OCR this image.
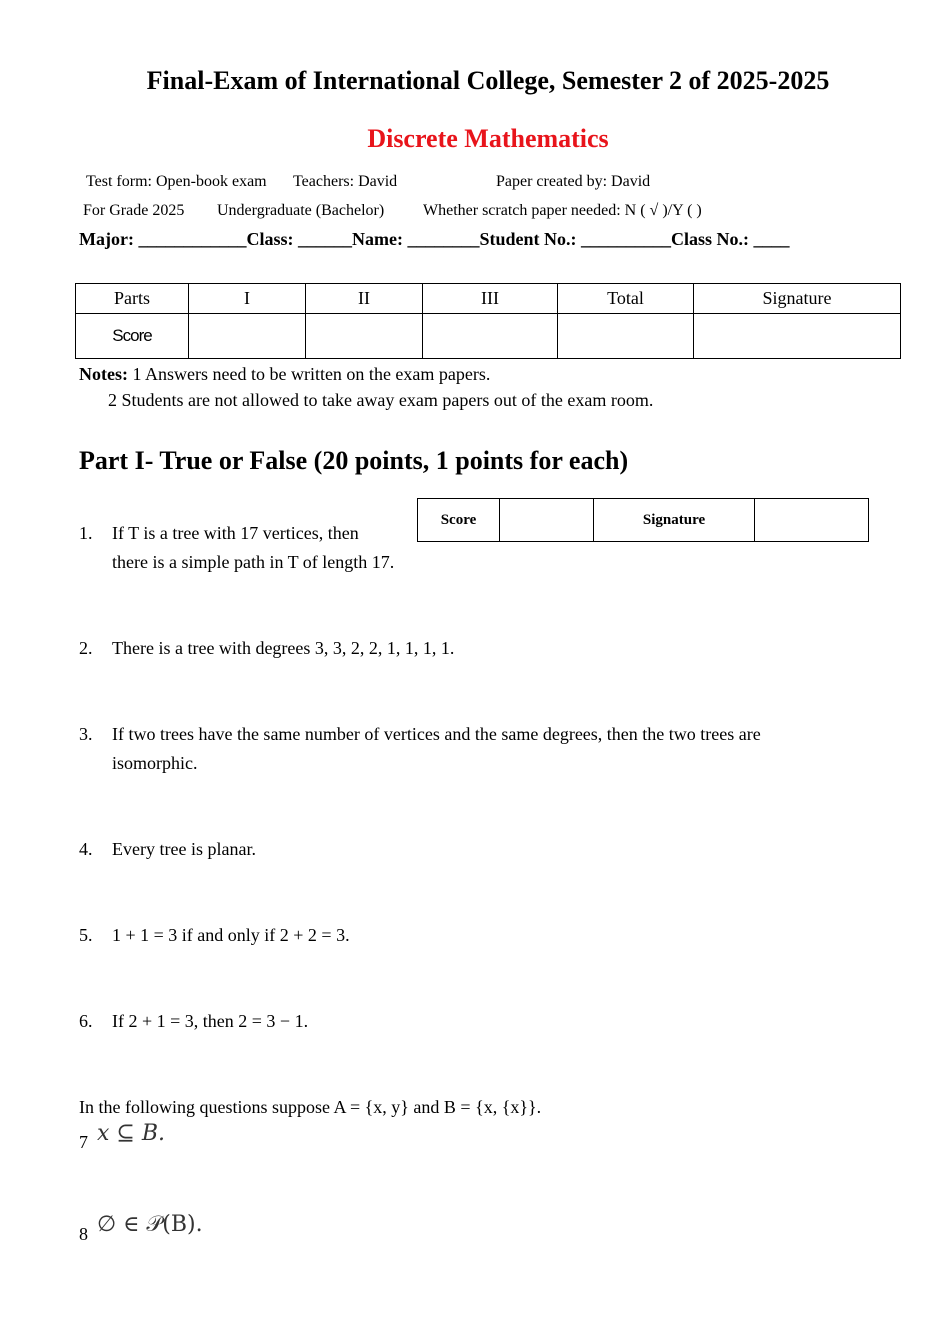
Final-Exam of International College, Semester 2 of 2025-2025
Discrete Mathematics
Test form: Open-book exam Teachers: David	Paper created by: David
For Grade 2025 Undergraduate (Bachelor) Whether scratch paper needed: N ( √ )/Y ( )
Major: ____________Class: ______Name: ________Student No.: __________Class No.: ____
Parts	I	II	III	Total	Signature
Score					
Notes: 1 Answers need to be written on the exam papers.
2 Students are not allowed to take away exam papers out of the exam room.
Part I- True or False (20 points, 1 points for each)
Score		Signature	
1. If T is a tree with 17 vertices, then
there is a simple path in T of length 17.
2. There is a tree with degrees 3, 3, 2, 2, 1, 1, 1, 1.
3. If two trees have the same number of vertices and the same degrees, then the two trees are
isomorphic.
4. Every tree is planar.
5. 1 + 1 = 3 if and only if 2 + 2 = 3.
6. If 2 + 1 = 3, then 2 = 3 − 1.
In the following questions suppose A = {x, y} and B = {x, {x}}.
7 x ⊆ B.
8 ∅ ∈ 𝒫(B).
